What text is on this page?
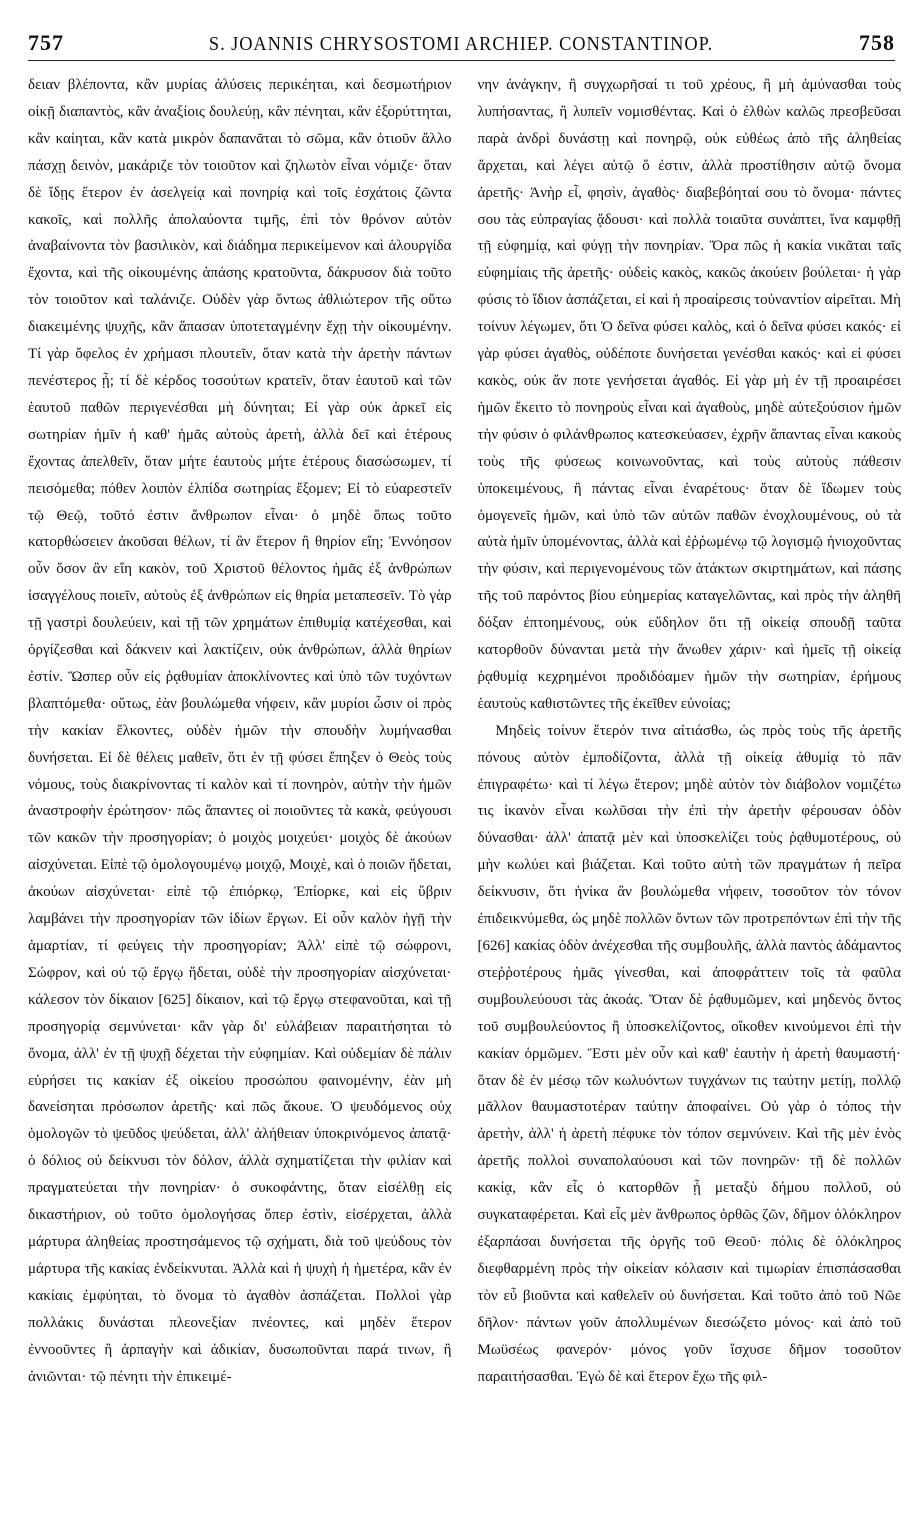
757	S. JOANNIS CHRYSOSTOMI ARCHIEP. CONSTANTINOP.	758

δειαν βλέποντα, κἂν μυρίας ἁλύσεις περικέηται, καὶ δεσμωτήριον οἰκῇ διαπαντὸς, κἂν ἀναξίοις δουλεύῃ, κἂν πένηται, κἂν ἐξορύττηται, κἂν καίηται, κἂν κατὰ μικρὸν δαπανᾶται τὸ σῶμα, κἂν ὁτιοῦν ἄλλο πάσχῃ δεινὸν, μακάριζε τὸν τοιοῦτον καὶ ζηλωτὸν εἶναι νόμιζε· ὅταν δὲ ἴδῃς ἕτερον ἐν ἀσελγείᾳ καὶ πονηρίᾳ καὶ τοῖς ἐσχάτοις ζῶντα κακοῖς, καὶ πολλῆς ἀπολαύοντα τιμῆς, ἐπὶ τὸν θρόνον αὐτὸν ἀναβαίνοντα τὸν βασιλικὸν, καὶ διάδημα περικείμενον καὶ ἁλουργίδα ἔχοντα, καὶ τῆς οἰκουμένης ἁπάσης κρατοῦντα, δάκρυσον διὰ τοῦτο τὸν τοιοῦτον καὶ ταλάνιζε. Οὐδὲν γὰρ ὄντως ἀθλιώτερον τῆς οὕτω διακειμένης ψυχῆς, κἂν ἅπασαν ὑποτεταγμένην ἔχῃ τὴν οἰκουμένην. Τί γὰρ ὄφελος ἐν χρήμασι πλουτεῖν, ὅταν κατὰ τὴν ἀρετὴν πάντων πενέστερος ᾖ; τί δὲ κέρδος τοσούτων κρατεῖν, ὅταν ἑαυτοῦ καὶ τῶν ἑαυτοῦ παθῶν περιγενέσθαι μὴ δύνηται; Εἰ γὰρ οὐκ ἀρκεῖ εἰς σωτηρίαν ἡμῖν ἡ καθ' ἡμᾶς αὐτοὺς ἀρετὴ, ἀλλὰ δεῖ καὶ ἑτέρους ἔχοντας ἀπελθεῖν, ὅταν μήτε ἑαυτοὺς μήτε ἑτέρους διασώσωμεν, τί πεισόμεθα; πόθεν λοιπὸν ἐλπίδα σωτηρίας ἕξομεν; Εἰ τὸ εὐαρεστεῖν τῷ Θεῷ, τοῦτό ἐστιν ἄνθρωπον εἶναι· ὁ μηδὲ ὅπως τοῦτο κατορθώσειεν ἀκοῦσαι θέλων, τί ἂν ἕτερον ἢ θηρίον εἴη; Ἐννόησον οὖν ὅσον ἂν εἴη κακὸν, τοῦ Χριστοῦ θέλοντος ἡμᾶς ἐξ ἀνθρώπων ἰσαγγέλους ποιεῖν, αὐτοὺς ἐξ ἀνθρώπων εἰς θηρία μεταπεσεῖν. Τὸ γὰρ τῇ γαστρὶ δουλεύειν, καὶ τῇ τῶν χρημάτων ἐπιθυμίᾳ κατέχεσθαι, καὶ ὀργίζεσθαι καὶ δάκνειν καὶ λακτίζειν, οὐκ ἀνθρώπων, ἀλλὰ θηρίων ἐστίν. Ὥσπερ οὖν εἰς ῥᾳθυμίαν ἀποκλίνοντες καὶ ὑπὸ τῶν τυχόντων βλαπτόμεθα· οὕτως, ἐὰν βουλώμεθα νήφειν, κἂν μυρίοι ὦσιν οἱ πρὸς τὴν κακίαν ἕλκοντες, οὐδὲν ἡμῶν τὴν σπουδὴν λυμήνασθαι δυνήσεται. Εἰ δὲ θέλεις μαθεῖν, ὅτι ἐν τῇ φύσει ἔπηξεν ὁ Θεὸς τοὺς νόμους, τοὺς διακρίνοντας τί καλὸν καὶ τί πονηρὸν, αὐτὴν τὴν ἡμῶν ἀναστροφὴν ἐρώτησον· πῶς ἅπαντες οἱ ποιοῦντες τὰ κακὰ, φεύγουσι τῶν κακῶν τὴν προσηγορίαν; ὁ μοιχὸς μοιχεύει· μοιχὸς δὲ ἀκούων αἰσχύνεται. Εἰπὲ τῷ ὁμολογουμένῳ μοιχῷ, Μοιχὲ, καὶ ὁ ποιῶν ἥδεται, ἀκούων αἰσχύνεται· εἰπὲ τῷ ἐπιόρκῳ, Ἐπίορκε, καὶ εἰς ὕβριν λαμβάνει τὴν προσηγορίαν τῶν ἰδίων ἔργων. Εἰ οὖν καλὸν ἡγῇ τὴν ἁμαρτίαν, τί φεύγεις τὴν προσηγορίαν; Ἀλλ' εἰπὲ τῷ σώφρονι, Σώφρον, καὶ οὐ τῷ ἔργῳ ἥδεται, οὐδὲ τὴν προσηγορίαν αἰσχύνεται· κάλεσον τὸν δίκαιον [625] δίκαιον, καὶ τῷ ἔργῳ στεφανοῦται, καὶ τῇ προσηγορίᾳ σεμνύνεται· κἂν γὰρ δι' εὐλάβειαν παραιτήσηται τὸ ὄνομα, ἀλλ' ἐν τῇ ψυχῇ δέχεται τὴν εὐφημίαν. Καὶ οὐδεμίαν δὲ πάλιν εὑρήσει τις κακίαν ἐξ οἰκείου προσώπου φαινομένην, ἐὰν μὴ δανείσηται πρόσωπον ἀρετῆς· καὶ πῶς ἄκουε. Ὁ ψευδόμενος οὐχ ὁμολογῶν τὸ ψεῦδος ψεύδεται, ἀλλ' ἀλήθειαν ὑποκρινόμενος ἀπατᾷ· ὁ δόλιος οὐ δείκνυσι τὸν δόλον, ἀλλὰ σχηματίζεται τὴν φιλίαν καὶ πραγματεύεται τὴν πονηρίαν· ὁ συκοφάντης, ὅταν εἰσέλθῃ εἰς δικαστήριον, οὐ τοῦτο ὁμολογήσας ὅπερ ἐστὶν, εἰσέρχεται, ἀλλὰ μάρτυρα ἀληθείας προστησάμενος τῷ σχήματι, διὰ τοῦ ψεύδους τὸν μάρτυρα τῆς κακίας ἐνδείκνυται. Ἀλλὰ καὶ ἡ ψυχὴ ἡ ἡμετέρα, κἂν ἐν κακίαις ἐμφύηται, τὸ ὄνομα τὸ ἀγαθὸν ἀσπάζεται. Πολλοὶ γὰρ πολλάκις δυνάσται πλεονεξίαν πνέοντες, καὶ μηδὲν ἕτερον ἐννοοῦντες ἢ ἁρπαγὴν καὶ ἀδικίαν, δυσωποῦνται παρά τινων, ἢ ἀνιῶνται· τῷ πένητι τὴν ἐπικειμέ-

νην ἀνάγκην, ἢ συγχωρῆσαί τι τοῦ χρέους, ἢ μὴ ἀμύνασθαι τοὺς λυπήσαντας, ἢ λυπεῖν νομισθέντας. Καὶ ὁ ἐλθὼν καλῶς πρεσβεῦσαι παρὰ ἀνδρὶ δυνάστῃ καὶ πονηρῷ, οὐκ εὐθέως ἀπὸ τῆς ἀληθείας ἄρχεται, καὶ λέγει αὐτῷ ὅ ἐστιν, ἀλλὰ προστίθησιν αὐτῷ ὄνομα ἀρετῆς· Ἀνὴρ εἶ, φησὶν, ἀγαθὸς· διαβεβόηταί σου τὸ ὄνομα· πάντες σου τὰς εὐπραγίας ᾄδουσι· καὶ πολλὰ τοιαῦτα συνάπτει, ἵνα καμφθῇ τῇ εὐφημίᾳ, καὶ φύγῃ τὴν πονηρίαν. Ὅρα πῶς ἡ κακία νικᾶται ταῖς εὐφημίαις τῆς ἀρετῆς· οὐδεὶς κακὸς, κακῶς ἀκούειν βούλεται· ἡ γὰρ φύσις τὸ ἴδιον ἀσπάζεται, εἰ καὶ ἡ προαίρεσις τοὐναντίον αἱρεῖται. Μὴ τοίνυν λέγωμεν, ὅτι Ὁ δεῖνα φύσει καλὸς, καὶ ὁ δεῖνα φύσει κακός· εἰ γὰρ φύσει ἀγαθὸς, οὐδέποτε δυνήσεται γενέσθαι κακός· καὶ εἰ φύσει κακὸς, οὐκ ἄν ποτε γενήσεται ἀγαθός. Εἰ γὰρ μὴ ἐν τῇ προαιρέσει ἡμῶν ἔκειτο τὸ πονηροὺς εἶναι καὶ ἀγαθοὺς, μηδὲ αὐτεξούσιον ἡμῶν τὴν φύσιν ὁ φιλάνθρωπος κατεσκεύασεν, ἐχρῆν ἅπαντας εἶναι κακοὺς τοὺς τῆς φύσεως κοινωνοῦντας, καὶ τοὺς αὐτοὺς πάθεσιν ὑποκειμένους, ἢ πάντας εἶναι ἐναρέτους· ὅταν δὲ ἴδωμεν τοὺς ὁμογενεῖς ἡμῶν, καὶ ὑπὸ τῶν αὐτῶν παθῶν ἐνοχλουμένους, οὐ τὰ αὐτὰ ἡμῖν ὑπομένοντας, ἀλλὰ καὶ ἐῤῥωμένῳ τῷ λογισμῷ ἡνιοχοῦντας τὴν φύσιν, καὶ περιγενομένους τῶν ἀτάκτων σκιρτημάτων, καὶ πάσης τῆς τοῦ παρόντος βίου εὐημερίας καταγελῶντας, καὶ πρὸς τὴν ἀληθῆ δόξαν ἐπτοημένους, οὐκ εὔδηλον ὅτι τῇ οἰκείᾳ σπουδῇ ταῦτα κατορθοῦν δύνανται μετὰ τὴν ἄνωθεν χάριν· καὶ ἡμεῖς τῇ οἰκείᾳ ῥᾳθυμίᾳ κεχρημένοι προδιδόαμεν ἡμῶν τὴν σωτηρίαν, ἐρήμους ἑαυτοὺς καθιστῶντες τῆς ἐκεῖθεν εὐνοίας;

Μηδεὶς τοίνυν ἕτερόν τινα αἰτιάσθω, ὡς πρὸς τοὺς τῆς ἀρετῆς πόνους αὐτὸν ἐμποδίζοντα, ἀλλὰ τῇ οἰκείᾳ ἀθυμίᾳ τὸ πᾶν ἐπιγραφέτω· καὶ τί λέγω ἕτερον; μηδὲ αὐτὸν τὸν διάβολον νομιζέτω τις ἱκανὸν εἶναι κωλῦσαι τὴν ἐπὶ τὴν ἀρετὴν φέρουσαν ὁδὸν δύνασθαι· ἀλλ' ἀπατᾷ μὲν καὶ ὑποσκελίζει τοὺς ῥᾳθυμοτέρους, οὐ μὴν κωλύει καὶ βιάζεται. Καὶ τοῦτο αὐτὴ τῶν πραγμάτων ἡ πεῖρα δείκνυσιν, ὅτι ἡνίκα ἂν βουλώμεθα νήφειν, τοσοῦτον τὸν τόνον ἐπιδεικνύμεθα, ὡς μηδὲ πολλῶν ὄντων τῶν προτρεπόντων ἐπὶ τὴν τῆς [626] κακίας ὁδὸν ἀνέχεσθαι τῆς συμβουλῆς, ἀλλὰ παντὸς ἀδάμαντος στεῤῥοτέρους ἡμᾶς γίνεσθαι, καὶ ἀποφράττειν τοῖς τὰ φαῦλα συμβουλεύουσι τὰς ἀκοάς. Ὅταν δὲ ῥᾳθυμῶμεν, καὶ μηδενὸς ὄντος τοῦ συμβουλεύοντος ἢ ὑποσκελίζοντος, οἴκοθεν κινούμενοι ἐπὶ τὴν κακίαν ὁρμῶμεν. Ἔστι μὲν οὖν καὶ καθ' ἑαυτὴν ἡ ἀρετὴ θαυμαστή· ὅταν δὲ ἐν μέσῳ τῶν κωλυόντων τυγχάνων τις ταύτην μετίῃ, πολλῷ μᾶλλον θαυμαστοτέραν ταύτην ἀποφαίνει. Οὐ γὰρ ὁ τόπος τὴν ἀρετὴν, ἀλλ' ἡ ἀρετὴ πέφυκε τὸν τόπον σεμνύνειν. Καὶ τῆς μὲν ἑνὸς ἀρετῆς πολλοὶ συναπολαύουσι καὶ τῶν πονηρῶν· τῇ δὲ πολλῶν κακίᾳ, κἂν εἷς ὁ κατορθῶν ᾖ μεταξὺ δήμου πολλοῦ, οὐ συγκαταφέρεται. Καὶ εἷς μὲν ἄνθρωπος ὀρθῶς ζῶν, δῆμον ὁλόκληρον ἐξαρπάσαι δυνήσεται τῆς ὀργῆς τοῦ Θεοῦ· πόλις δὲ ὁλόκληρος διεφθαρμένη πρὸς τὴν οἰκείαν κόλασιν καὶ τιμωρίαν ἐπισπάσασθαι τὸν εὖ βιοῦντα καὶ καθελεῖν οὐ δυνήσεται. Καὶ τοῦτο ἀπὸ τοῦ Νῶε δῆλον· πάντων γοῦν ἀπολλυμένων διεσώζετο μόνος· καὶ ἀπὸ τοῦ Μωϋσέως φανερόν· μόνος γοῦν ἴσχυσε δῆμον τοσοῦτον παραιτήσασθαι. Ἐγὼ δὲ καὶ ἕτερον ἔχω τῆς φιλ-
